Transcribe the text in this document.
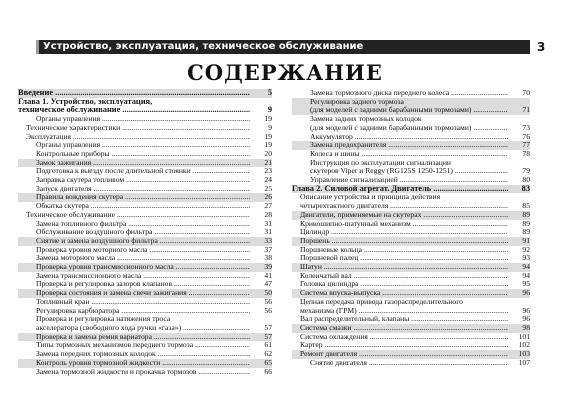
Устройство, эксплуатация, техническое обслуживание	3
СОДЕРЖАНИЕ
Введение .....	5
Глава 1. Устройство, эксплуатация,
техническое обслуживание .....	9
Органы управления .....	19
Технические характеристики .....	9
Эксплуатация .....	19
Органы управления .....	19
Контрольные приборы .....	20
Замок зажигания .....	21
Подготовка к выезду после длительной стоянки .....	23
Заправка скутера топливом .....	24
Запуск двигателя .....	25
Правила вождения скутера .....	26
Обкатка скутера .....	27
Техническое обслуживание .....	28
Замена топливного фильтра .....	31
Обслуживание воздушного фильтра .....	31
Снятие и замена воздушного фильтра .....	33
Проверка уровня моторного масла .....	37
Замена моторного масла .....	38
Проверка уровня трансмиссионного масла .....	39
Замена трансмиссионного масла .....	41
Проверка и регулировка зазоров клапанов .....	47
Проверка состояния и замена свечи зажигания .....	50
Топливный кран .....	56
Регулировка карбюратора .....	56
Проверка и регулировка натяжения троса
акселератора (свободного хода ручки «газа») .....	57
Проверка и замена ремня вариатора .....	57
Типы тормозных механизмов переднего тормоза .....	61
Замена передних тормозных колодок .....	62
Контроль уровня тормозной жидкости .....	65
Замена тормозной жидкости и прокачка тормозов .....	66
Замена тормозного диска переднего колеса .....	70
Регулировка заднего тормоза
(для моделей с задними барабанными тормозами) .....	71
Замена задних тормозных колодок
(для моделей с задними барабанными тормозами) .....	73
Аккумулятор .....	76
Замена предохранителя .....	77
Колеса и шины .....	78
Инструкция по эксплуатации сигнализации
скутеров Viper и Reggy (RG125S 1250-1251) .....	79
Управление сигнализацией .....	80
Глава 2. Силовой агрегат. Двигатель .....	83
Описание устройства и принципа действия
четырехтактного двигателя .....	85
Двигатели, применяемые на скутерах .....	89
Кривошипно-шатунный механизм .....	89
Цилиндр .....	89
Поршень .....	91
Поршневые кольца .....	92
Поршневой палец .....	93
Шатун .....	94
Коленчатый вал .....	94
Головка цилиндра .....	95
Система впуска-выпуска .....	96
Цепная передача привода газораспределительного
механизма (ГРМ) .....	96
Вал распределительный, клапаны .....	96
Система смазки .....	98
Система охлаждения .....	101
Картер .....	102
Ремонт двигателя .....	103
Снятие двигателя .....	107
